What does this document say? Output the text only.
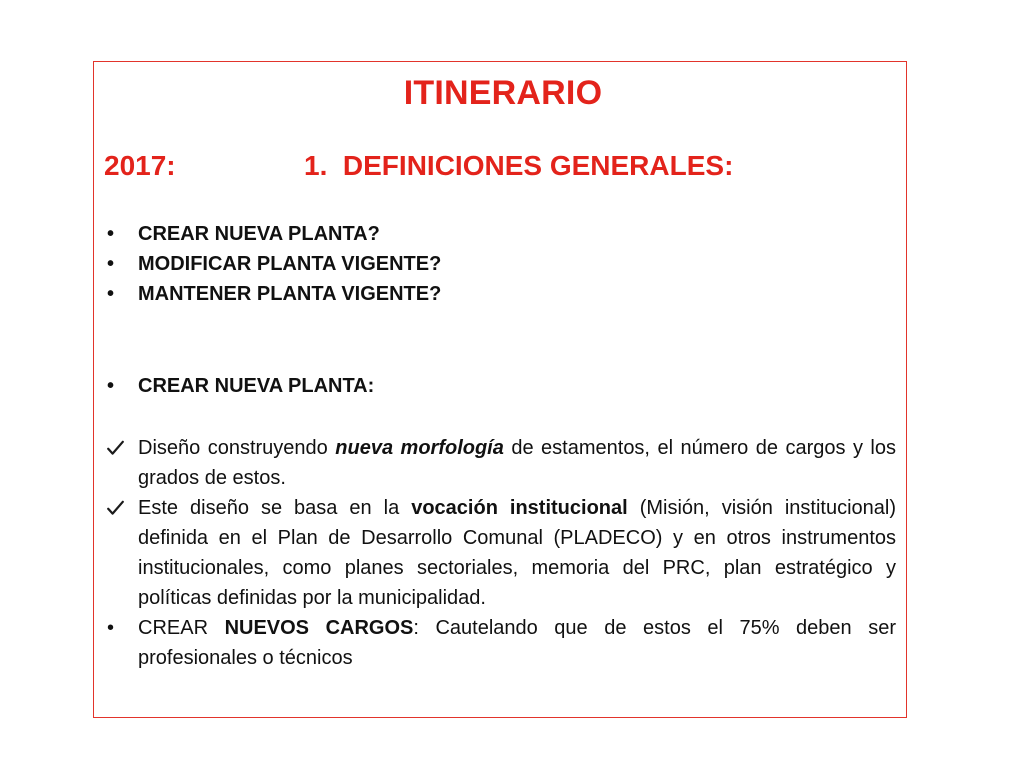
ITINERARIO
2017:	1.  DEFINICIONES GENERALES:
•	CREAR NUEVA PLANTA?
•	MODIFICAR PLANTA VIGENTE?
•	MANTENER PLANTA VIGENTE?
•	CREAR NUEVA PLANTA:
Diseño construyendo nueva morfología de estamentos, el número de cargos y los grados de estos.
Este diseño se basa en la vocación institucional (Misión, visión institucional) definida en el Plan de Desarrollo Comunal (PLADECO) y en otros instrumentos institucionales, como planes sectoriales, memoria del PRC, plan estratégico y políticas definidas por la municipalidad.
•	CREAR NUEVOS CARGOS: Cautelando que de estos el 75% deben ser profesionales o técnicos
